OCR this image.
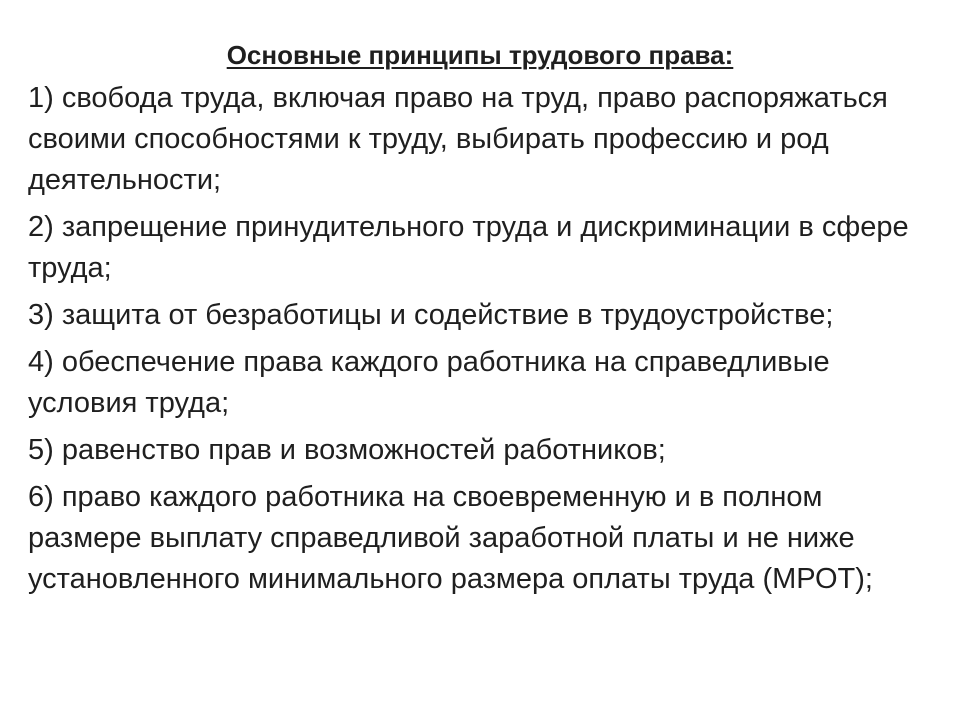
Основные принципы трудового права:
1) свобода труда, включая право на труд, право распоряжаться своими способностями к труду, выбирать профессию и род деятельности;
2) запрещение принудительного труда и дискриминации в сфере труда;
3) защита от безработицы и содействие в трудоустройстве;
4) обеспечение права каждого работника на справедливые условия труда;
5) равенство прав и возможностей работников;
6) право каждого работника на своевременную и в полном размере выплату справедливой заработной платы и не ниже установленного минимального размера оплаты труда (МРОТ);
